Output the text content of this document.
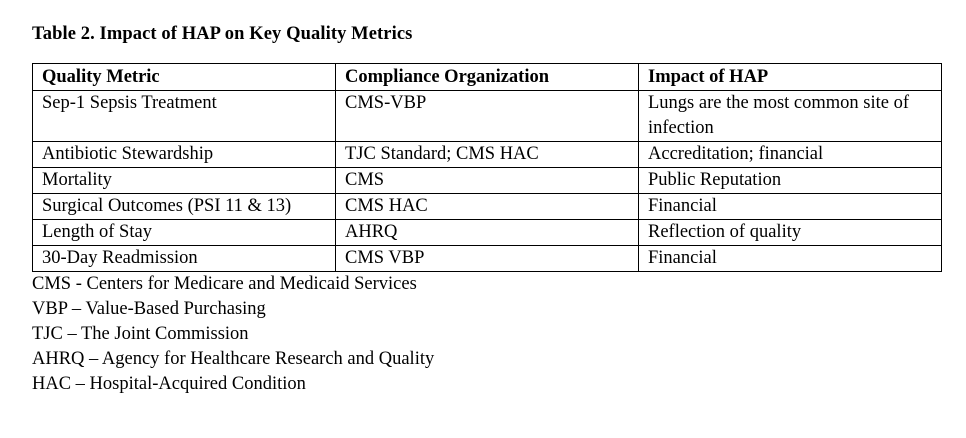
Table 2. Impact of HAP on Key Quality Metrics
Quality Metric	Compliance Organization	Impact of HAP
Sep-1 Sepsis Treatment	CMS-VBP	Lungs are the most common site of infection
Antibiotic Stewardship	TJC Standard; CMS HAC	Accreditation; financial
Mortality	CMS	Public Reputation
Surgical Outcomes (PSI 11 & 13)	CMS HAC	Financial
Length of Stay	AHRQ	Reflection of quality
30-Day Readmission	CMS VBP	Financial
CMS - Centers for Medicare and Medicaid Services
VBP – Value-Based Purchasing
TJC – The Joint Commission
AHRQ – Agency for Healthcare Research and Quality
HAC – Hospital-Acquired Condition
